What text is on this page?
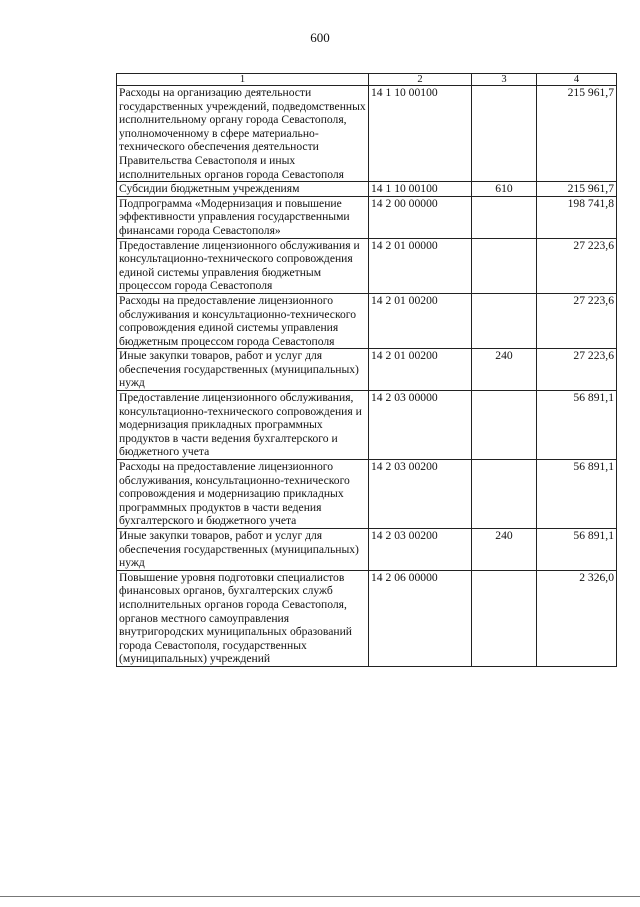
600
1	2	3	4
Расходы на организацию деятельности государственных учреждений, подведомственных исполнительному органу города Севастополя, уполномоченному в сфере материально-технического обеспечения деятельности Правительства Севастополя и иных исполнительных органов города Севастополя	14 1 10 00100		215 961,7
Субсидии бюджетным учреждениям	14 1 10 00100	610	215 961,7
Подпрограмма «Модернизация и повышение эффективности управления государственными финансами города Севастополя»	14 2 00 00000		198 741,8
Предоставление лицензионного обслуживания и консультационно-технического сопровождения единой системы управления бюджетным процессом города Севастополя	14 2 01 00000		27 223,6
Расходы на предоставление лицензионного обслуживания и консультационно-технического сопровождения единой системы управления бюджетным процессом города Севастополя	14 2 01 00200		27 223,6
Иные закупки товаров, работ и услуг для обеспечения государственных (муниципальных) нужд	14 2 01 00200	240	27 223,6
Предоставление лицензионного обслуживания, консультационно-технического сопровождения и модернизация прикладных программных продуктов в части ведения бухгалтерского и бюджетного учета	14 2 03 00000		56 891,1
Расходы на предоставление лицензионного обслуживания, консультационно-технического сопровождения и модернизацию прикладных программных продуктов в части ведения бухгалтерского и бюджетного учета	14 2 03 00200		56 891,1
Иные закупки товаров, работ и услуг для обеспечения государственных (муниципальных) нужд	14 2 03 00200	240	56 891,1
Повышение уровня подготовки специалистов финансовых органов, бухгалтерских служб исполнительных органов города Севастополя, органов местного самоуправления внутригородских муниципальных образований города Севастополя, государственных (муниципальных) учреждений	14 2 06 00000		2 326,0
